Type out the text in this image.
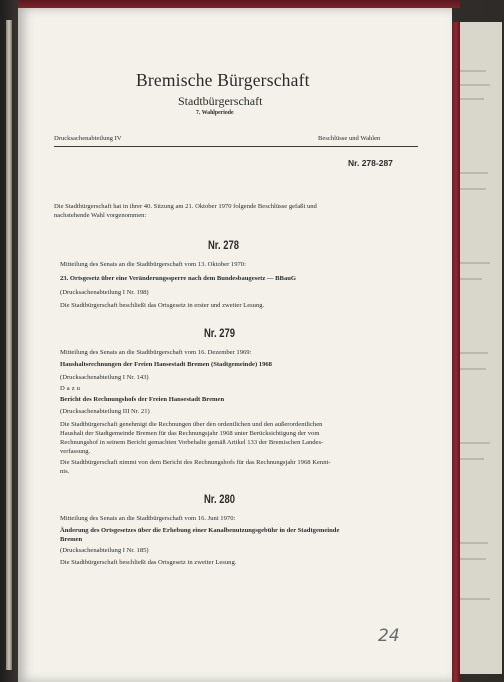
Bremische Bürgerschaft
Stadtbürgerschaft
7. Wahlperiode
Drucksachenabteilung IV	Beschlüsse und Wahlen
Nr. 278-287
Die Stadtbürgerschaft hat in ihrer 40. Sitzung am 21. Oktober 1970 folgende Beschlüsse gefaßt und
nachstehende Wahl vorgenommen:
Nr. 278
Mitteilung des Senats an die Stadtbürgerschaft vom 13. Oktober 1970:
23. Ortsgesetz über eine Veränderungssperre nach dem Bundesbaugesetz — BBauG
(Drucksachenabteilung I Nr. 198)
Die Stadtbürgerschaft beschließt das Ortsgesetz in erster und zweiter Lesung.
Nr. 279
Mitteilung des Senats an die Stadtbürgerschaft vom 16. Dezember 1969:
Haushaltsrechnungen der Freien Hansestadt Bremen (Stadtgemeinde) 1968
(Drucksachenabteilung I Nr. 143)
Dazu
Bericht des Rechnungshofs der Freien Hansestadt Bremen
(Drucksachenabteilung III Nr. 21)
Die Stadtbürgerschaft genehmigt die Rechnungen über den ordentlichen und den außerordentlichen
Haushalt der Stadtgemeinde Bremen für das Rechnungsjahr 1968 unter Berücksichtigung der vom
Rechnungshof in seinem Bericht gemachten Vorbehalte gemäß Artikel 133 der Bremischen Landes-
verfassung.
Die Stadtbürgerschaft nimmt von dem Bericht des Rechnungshofs für das Rechnungsjahr 1968 Kennt-
nis.
Nr. 280
Mitteilung des Senats an die Stadtbürgerschaft vom 16. Juni 1970:
Änderung des Ortsgesetzes über die Erhebung einer Kanalbenutzungsgebühr in der Stadtgemeinde
Bremen
(Drucksachenabteilung I Nr. 185)
Die Stadtbürgerschaft beschließt das Ortsgesetz in zweiter Lesung.
24
